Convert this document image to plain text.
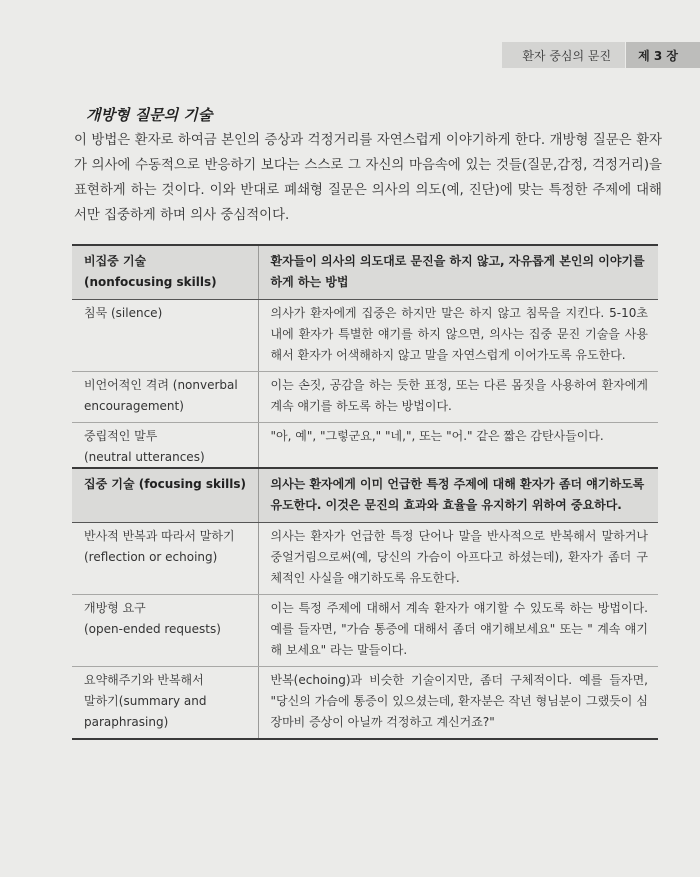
환자 중심의 문진	제 3 장
개방형 질문의 기술

이 방법은 환자로 하여금 본인의 증상과 걱정거리를 자연스럽게 이야기하게 한다. 개방형 질문은 환자가 의사에 수동적으로 반응하기 보다는 스스로 그 자신의 마음속에 있는 것들(질문,감정, 걱정거리)을 표현하게 하는 것이다. 이와 반대로 폐쇄형 질문은 의사의 의도(예, 진단)에 맞는 특정한 주제에 대해서만 집중하게 하며 의사 중심적이다.

비집중 기술
(nonfocusing skills)	환자들이 의사의 의도대로 문진을 하지 않고, 자유롭게 본인의 이야기를 하게 하는 방법

침묵 (silence)	의사가 환자에게 집중은 하지만 말은 하지 않고 침묵을 지킨다. 5-10초내에 환자가 특별한 얘기를 하지 않으면, 의사는 집중 문진 기술을 사용해서 환자가 어색해하지 않고 말을 자연스럽게 이어가도록 유도한다.

비언어적인 격려 (nonverbal
encouragement)	이는 손짓, 공감을 하는 듯한 표정, 또는 다른 몸짓을 사용하여 환자에게 계속 얘기를 하도록 하는 방법이다.

중립적인 말투
(neutral utterances)	"아, 예", "그렇군요," "네,", 또는 "어." 같은 짧은 감탄사들이다.
집중 기술 (focusing skills)	의사는 환자에게 이미 언급한 특정 주제에 대해 환자가 좀더 얘기하도록 유도한다. 이것은 문진의 효과와 효율을 유지하기 위하여 중요하다.

반사적 반복과 따라서 말하기
(reflection or echoing)	의사는 환자가 언급한 특정 단어나 말을 반사적으로 반복해서 말하거나 중얼거림으로써(예, 당신의 가슴이 아프다고 하셨는데), 환자가 좀더 구체적인 사실을 얘기하도록 유도한다.

개방형 요구
(open-ended requests)	이는 특정 주제에 대해서 계속 환자가 얘기할 수 있도록 하는 방법이다. 예를 들자면, "가슴 통증에 대해서 좀더 얘기해보세요" 또는 " 계속 얘기해 보세요" 라는 말들이다.

요약해주기와 반복해서
말하기(summary and paraphrasing)	반복(echoing)과 비슷한 기술이지만, 좀더 구체적이다. 예를 들자면, "당신의 가슴에 통증이 있으셨는데, 환자분은 작년 형님분이 그랬듯이 심장마비 증상이 아닐까 걱정하고 계신거죠?"
